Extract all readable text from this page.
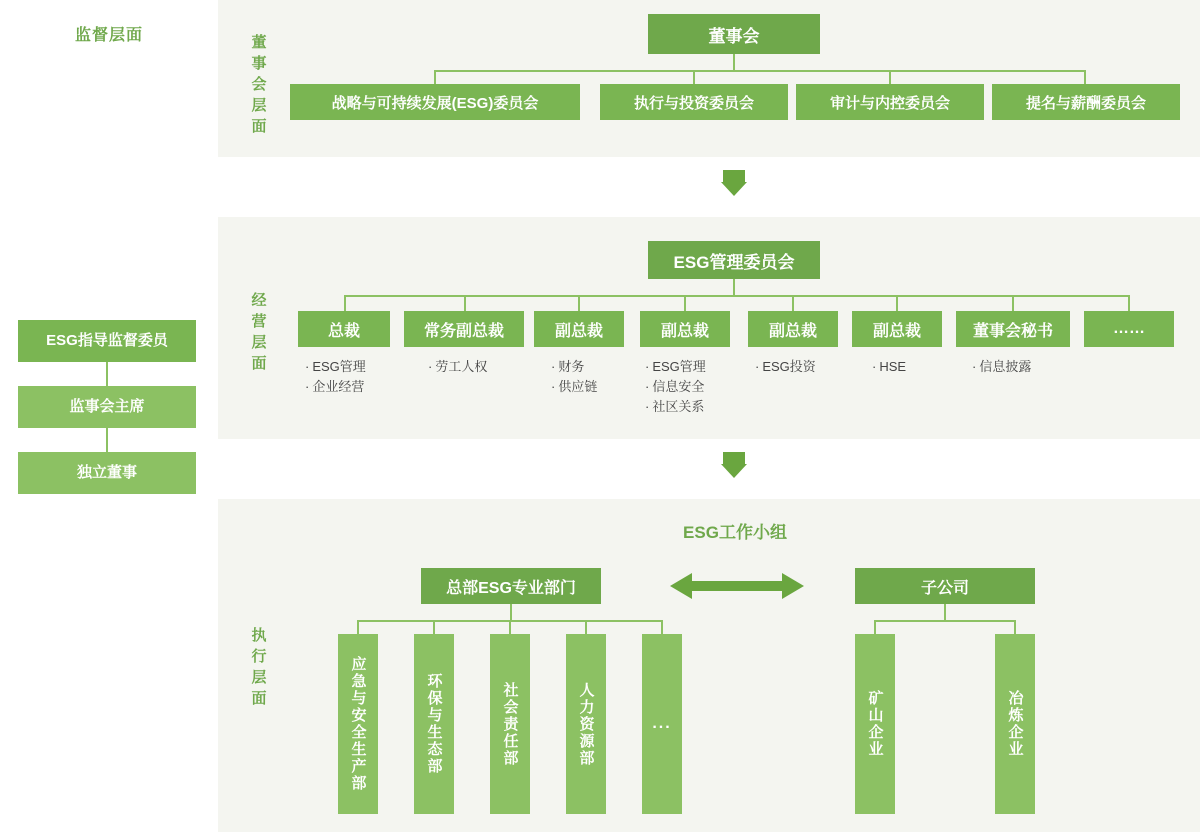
监督层面
ESG指导监督委员
监事会主席
独立董事
董事会层面
董事会
战略与可持续发展(ESG)委员会	执行与投资委员会	审计与内控委员会	提名与薪酬委员会
经营层面
ESG管理委员会
总裁	常务副总裁	副总裁	副总裁	副总裁	副总裁	董事会秘书	……
· ESG管理
· 企业经营
· 劳工人权	· 财务
· 供应链
· ESG管理
· 信息安全
· 社区关系
· ESG投资	· HSE	· 信息披露
执行层面
ESG工作小组
总部ESG专业部门	子公司
应急与安全生产部	环保与生态部	社会责任部	人力资源部	...	矿山企业	冶炼企业
